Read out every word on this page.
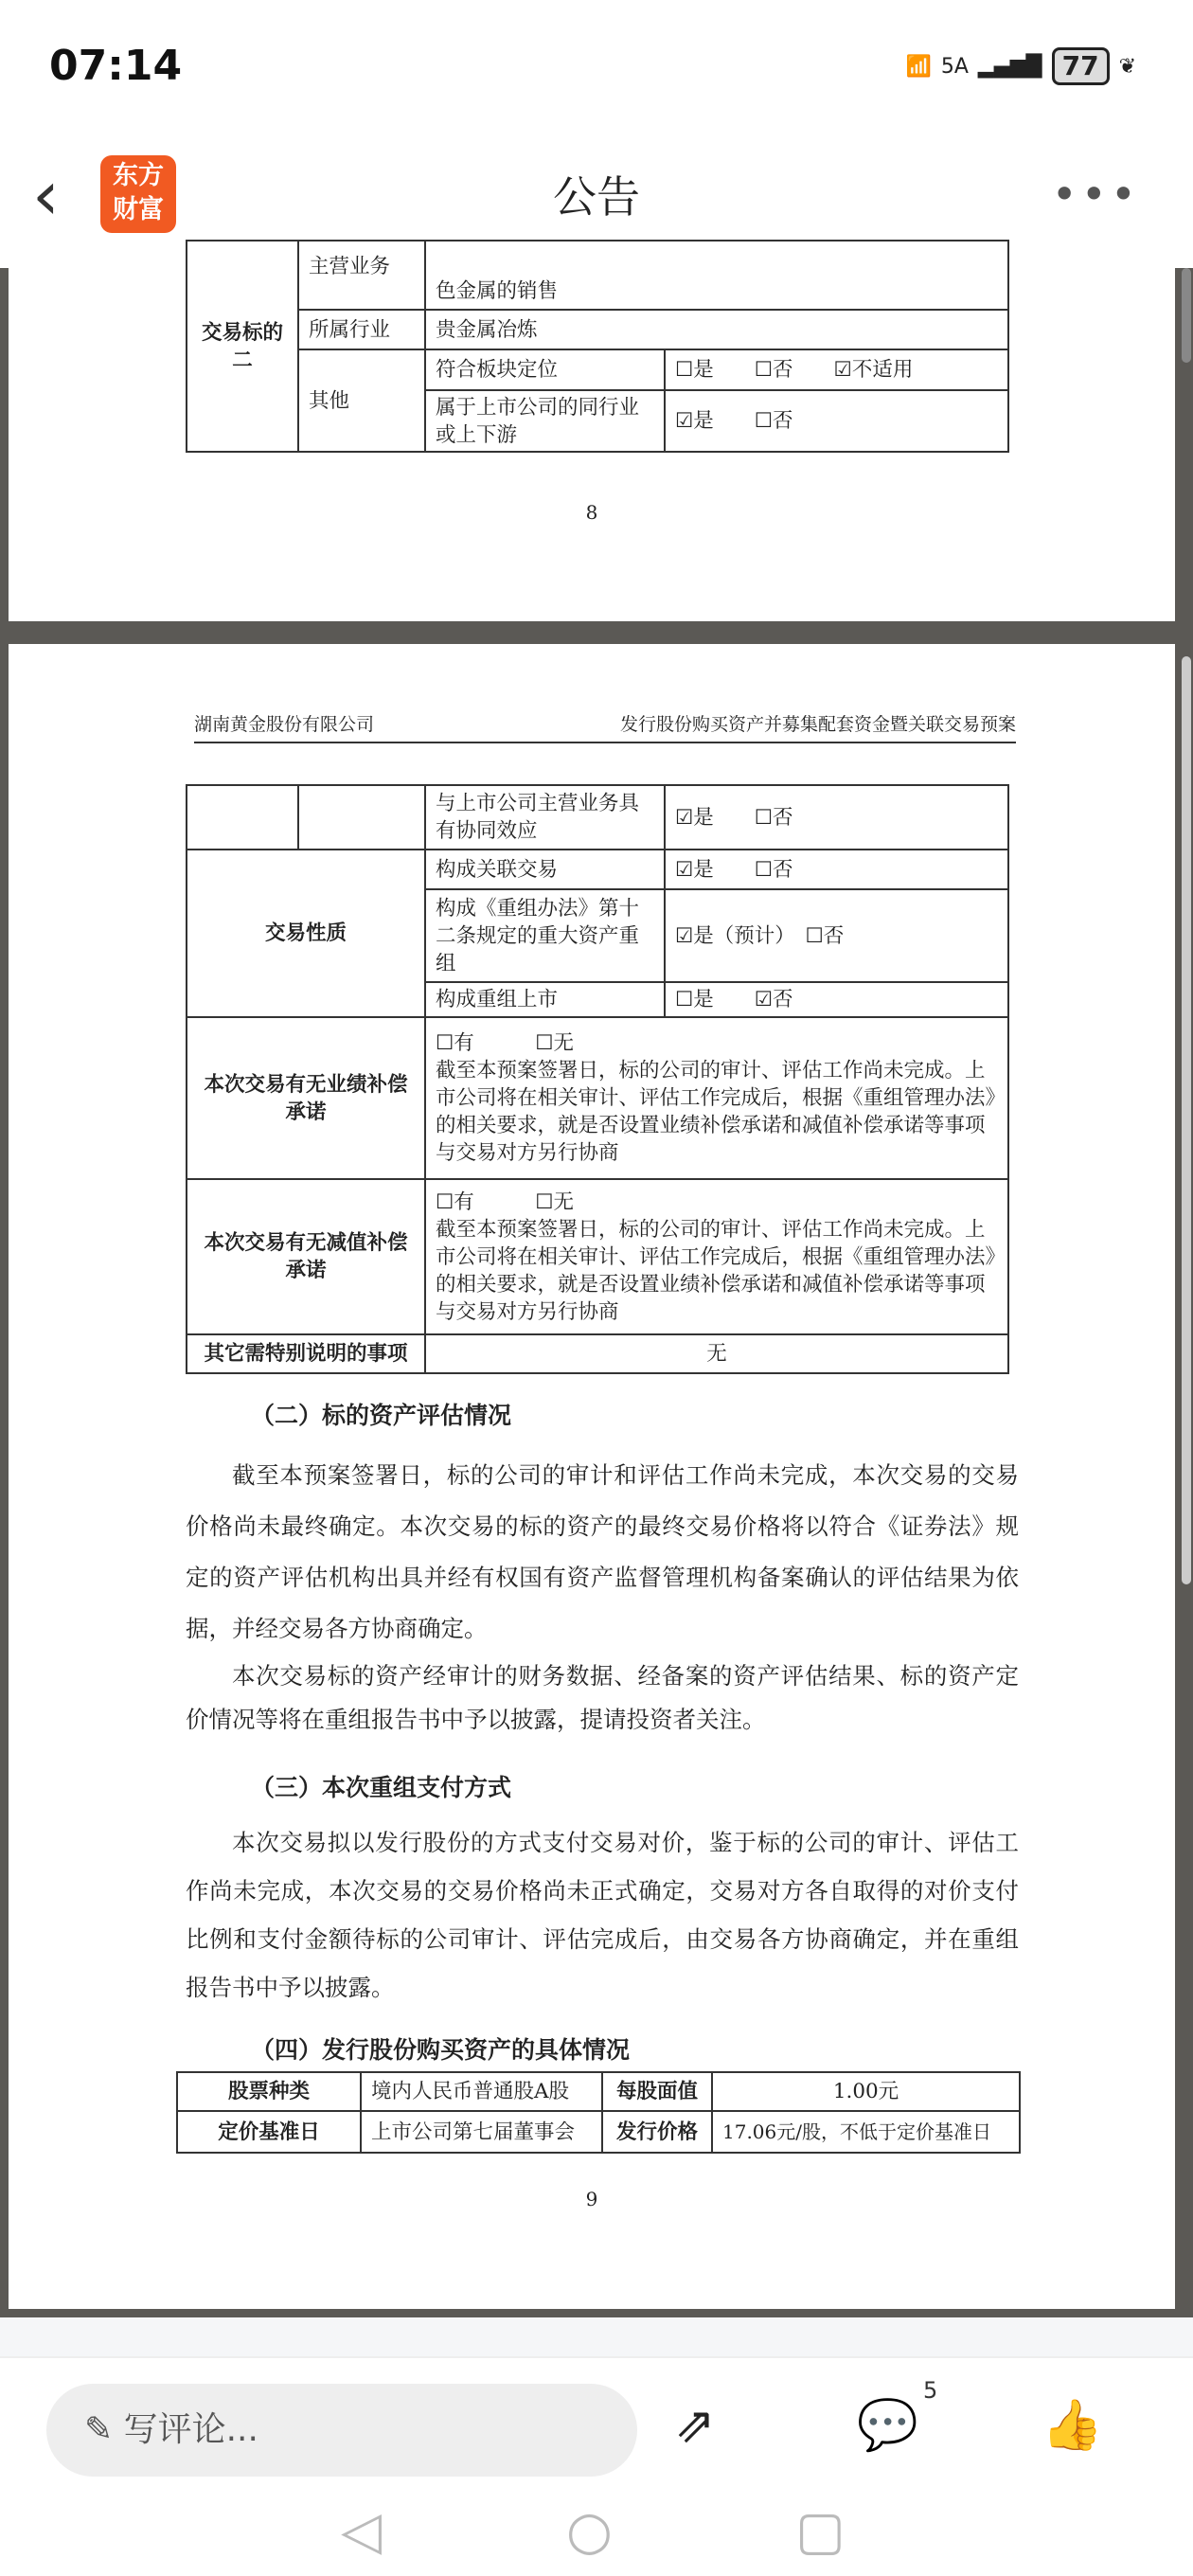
07:14	📶 5A ▂▄▆█ 77 ❦
‹	东方财富	公告	•••
交易标的二	主营业务	色金属的销售	
	所属行业	贵金属冶炼	
	其他	符合板块定位	☐是　　☐否　　☑不适用
		属于上市公司的同行业或上下游	☑是　　☐否
8
湖南黄金股份有限公司	发行股份购买资产并募集配套资金暨关联交易预案
		与上市公司主营业务具有协同效应	☑是　　☐否
交易性质		构成关联交易	☑是　　☐否
		构成《重组办法》第十二条规定的重大资产重组	☑是（预计）　☐否
		构成重组上市	☐是　　☑否
本次交易有无业绩补偿承诺		☐有　　　☐无
截至本预案签署日，标的公司的审计、评估工作尚未完成。上市公司将在相关审计、评估工作完成后，根据《重组管理办法》的相关要求，就是否设置业绩补偿承诺和减值补偿承诺等事项与交易对方另行协商	

本次交易有无减值补偿承诺		☐有　　　☐无
截至本预案签署日，标的公司的审计、评估工作尚未完成。上市公司将在相关审计、评估工作完成后，根据《重组管理办法》的相关要求，就是否设置业绩补偿承诺和减值补偿承诺等事项与交易对方另行协商	

其它需特别说明的事项		无	
（二）标的资产评估情况
截至本预案签署日，标的公司的审计和评估工作尚未完成，本次交易的交易价格尚未最终确定。本次交易的标的资产的最终交易价格将以符合《证券法》规定的资产评估机构出具并经有权国有资产监督管理机构备案确认的评估结果为依据，并经交易各方协商确定。
本次交易标的资产经审计的财务数据、经备案的资产评估结果、标的资产定价情况等将在重组报告书中予以披露，提请投资者关注。
（三）本次重组支付方式
本次交易拟以发行股份的方式支付交易对价，鉴于标的公司的审计、评估工作尚未完成，本次交易的交易价格尚未正式确定，交易对方各自取得的对价支付比例和支付金额待标的公司审计、评估完成后，由交易各方协商确定，并在重组报告书中予以披露。
（四）发行股份购买资产的具体情况
股票种类	境内人民币普通股A股	每股面值	1.00元
定价基准日	上市公司第七届董事会	发行价格	17.06元/股，不低于定价基准日
9
✎ 写评论...	⇗	💬
5
👍
◁	○	▢
